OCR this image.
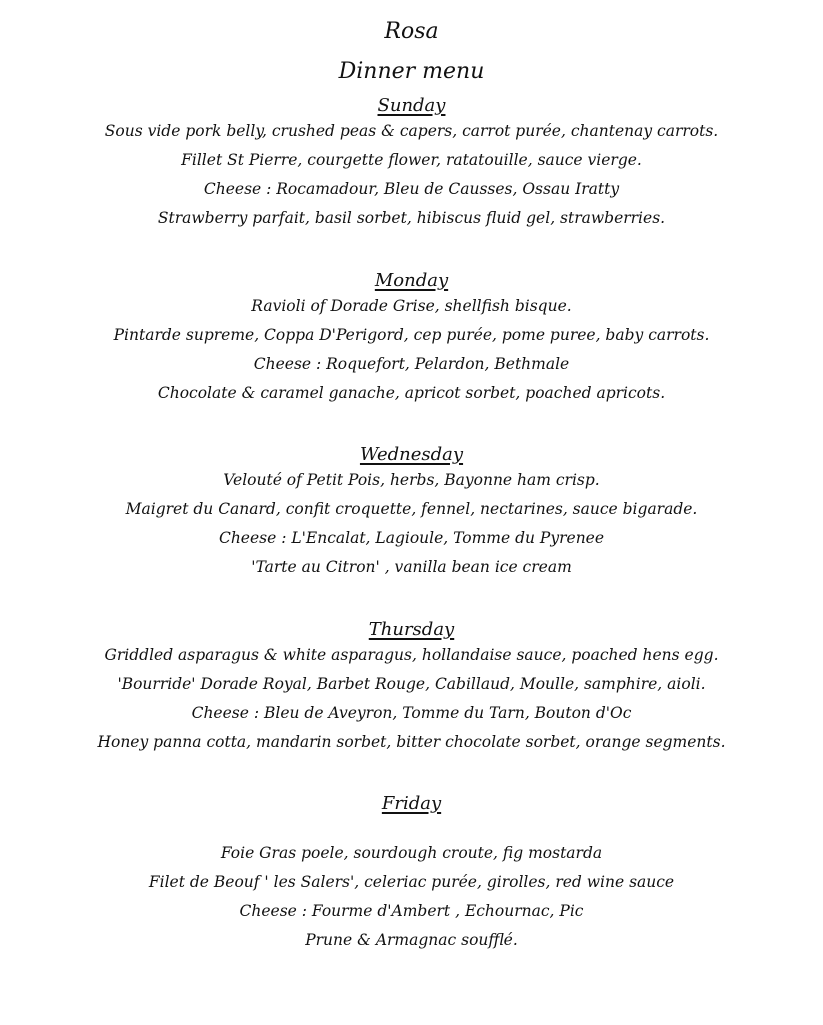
Rosa
Dinner menu
Sunday
Sous vide pork belly, crushed peas & capers, carrot purée, chantenay carrots.
Fillet St Pierre, courgette flower, ratatouille, sauce vierge.
Cheese : Rocamadour, Bleu de Causses, Ossau Iratty
Strawberry parfait, basil sorbet, hibiscus fluid gel, strawberries.
Monday
Ravioli of Dorade Grise, shellfish bisque.
Pintarde supreme, Coppa D'Perigord, cep purée, pome puree, baby carrots.
Cheese : Roquefort, Pelardon, Bethmale
Chocolate & caramel ganache, apricot sorbet, poached apricots.
Wednesday
Velouté of Petit Pois, herbs, Bayonne ham crisp.
Maigret du Canard, confit croquette, fennel, nectarines, sauce bigarade.
Cheese : L'Encalat, Lagioule, Tomme du Pyrenee
'Tarte au Citron' , vanilla bean ice cream
Thursday
Griddled asparagus & white asparagus, hollandaise sauce, poached hens egg.
'Bourride' Dorade Royal, Barbet Rouge, Cabillaud, Moulle, samphire, aioli.
Cheese : Bleu de Aveyron, Tomme du Tarn, Bouton d'Oc
Honey panna cotta, mandarin sorbet, bitter chocolate sorbet, orange segments.
Friday
Foie Gras poele, sourdough croute, fig mostarda
Filet de Beouf ' les Salers', celeriac purée, girolles, red wine sauce
Cheese : Fourme d'Ambert , Echournac, Pic
Prune & Armagnac soufflé.
